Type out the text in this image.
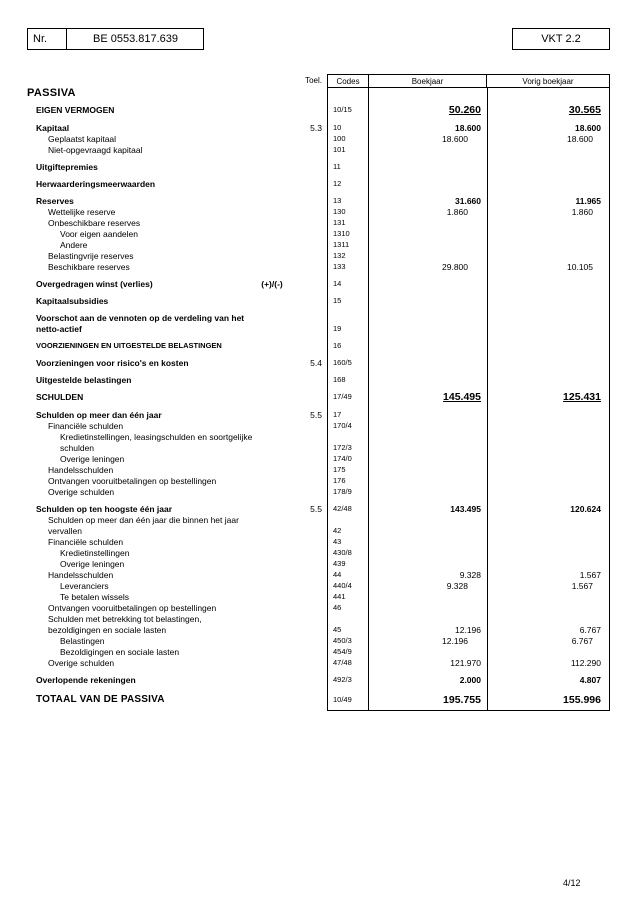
Nr.	BE 0553.817.639	VKT 2.2
Toel.	Codes	Boekjaar	Vorig boekjaar
PASSIVA
EIGEN VERMOGEN	10/15	50.260	30.565
Kapitaal	5.3 10	18.600	18.600
Geplaatst kapitaal	100	18.600	18.600
Niet-opgevraagd kapitaal	101
Uitgiftepremies	11
Herwaarderingsmeerwaarden	12
Reserves	13	31.660	11.965
Wettelijke reserve	130	1.860	1.860
Onbeschikbare reserves	131
Voor eigen aandelen	1310
Andere	1311
Belastingvrije reserves	132
Beschikbare reserves	133	29.800	10.105
Overgedragen winst (verlies)	(+)/(-)	14
Kapitaalsubsidies	15
Voorschot aan de vennoten op de verdeling van het
netto-actief	19
VOORZIENINGEN EN UITGESTELDE BELASTINGEN	16
Voorzieningen voor risico's en kosten	5.4 160/5
Uitgestelde belastingen	168
SCHULDEN	17/49	145.495	125.431
Schulden op meer dan één jaar	5.5 17
Financiële schulden	170/4
Kredietinstellingen, leasingschulden en soortgelijke
schulden	172/3
Overige leningen	174/0
Handelsschulden	175
Ontvangen vooruitbetalingen op bestellingen	176
Overige schulden	178/9
Schulden op ten hoogste één jaar	5.5 42/48	143.495	120.624
Schulden op meer dan één jaar die binnen het jaar
vervallen	42
Financiële schulden	43
Kredietinstellingen	430/8
Overige leningen	439
Handelsschulden	44	9.328	1.567
Leveranciers	440/4	9.328	1.567
Te betalen wissels	441
Ontvangen vooruitbetalingen op bestellingen	46
Schulden met betrekking tot belastingen,
bezoldigingen en sociale lasten	45	12.196	6.767
Belastingen	450/3	12.196	6.767
Bezoldigingen en sociale lasten	454/9
Overige schulden	47/48	121.970	112.290
Overlopende rekeningen	492/3	2.000	4.807
TOTAAL VAN DE PASSIVA	10/49	195.755	155.996
4/12
